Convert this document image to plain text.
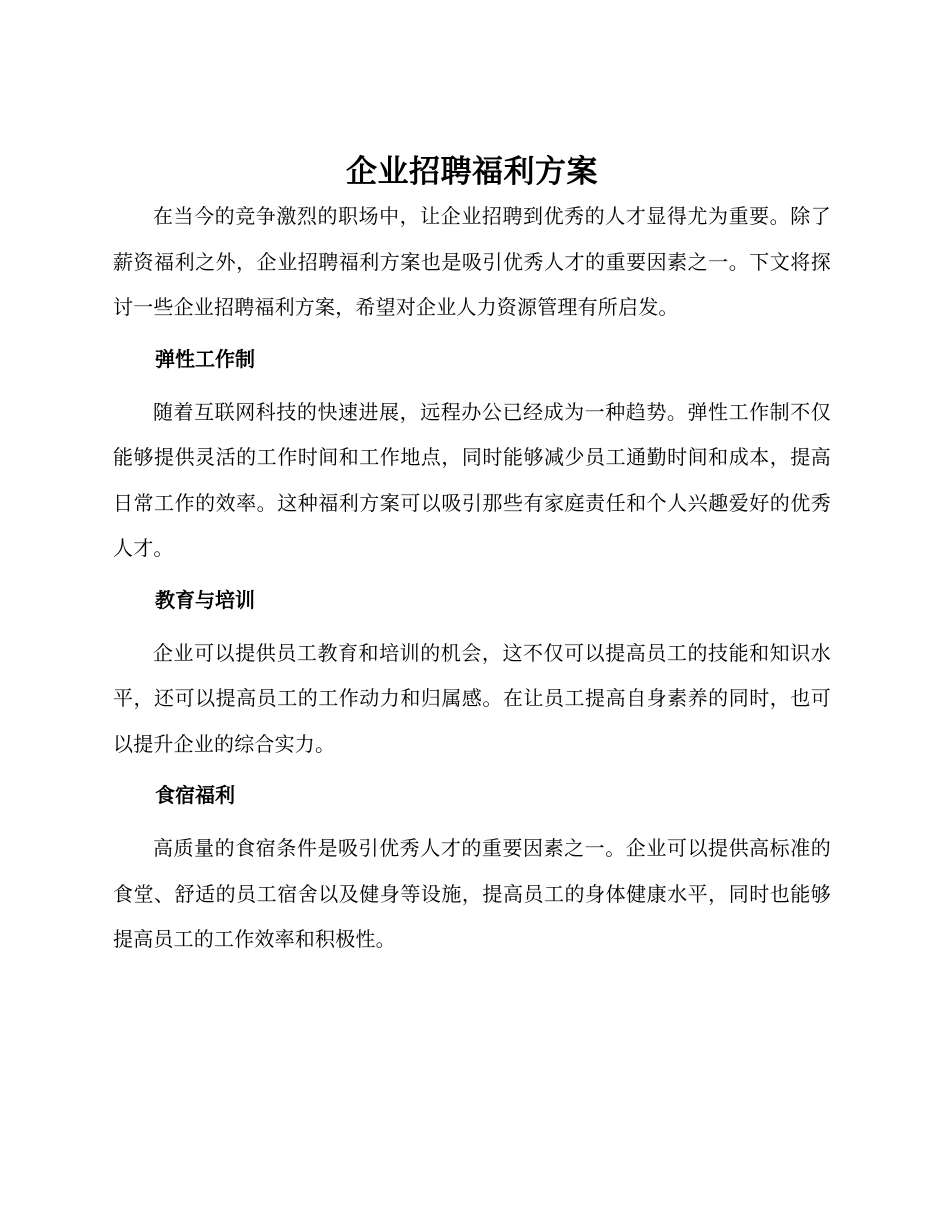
企业招聘福利方案

在当今的竞争激烈的职场中，让企业招聘到优秀的人才显得尤为重要。除了薪资福利之外，企业招聘福利方案也是吸引优秀人才的重要因素之一。下文将探讨一些企业招聘福利方案，希望对企业人力资源管理有所启发。

弹性工作制

随着互联网科技的快速进展，远程办公已经成为一种趋势。弹性工作制不仅能够提供灵活的工作时间和工作地点，同时能够减少员工通勤时间和成本，提高日常工作的效率。这种福利方案可以吸引那些有家庭责任和个人兴趣爱好的优秀人才。

教育与培训

企业可以提供员工教育和培训的机会，这不仅可以提高员工的技能和知识水平，还可以提高员工的工作动力和归属感。在让员工提高自身素养的同时，也可以提升企业的综合实力。

食宿福利

高质量的食宿条件是吸引优秀人才的重要因素之一。企业可以提供高标准的食堂、舒适的员工宿舍以及健身等设施，提高员工的身体健康水平，同时也能够提高员工的工作效率和积极性。
